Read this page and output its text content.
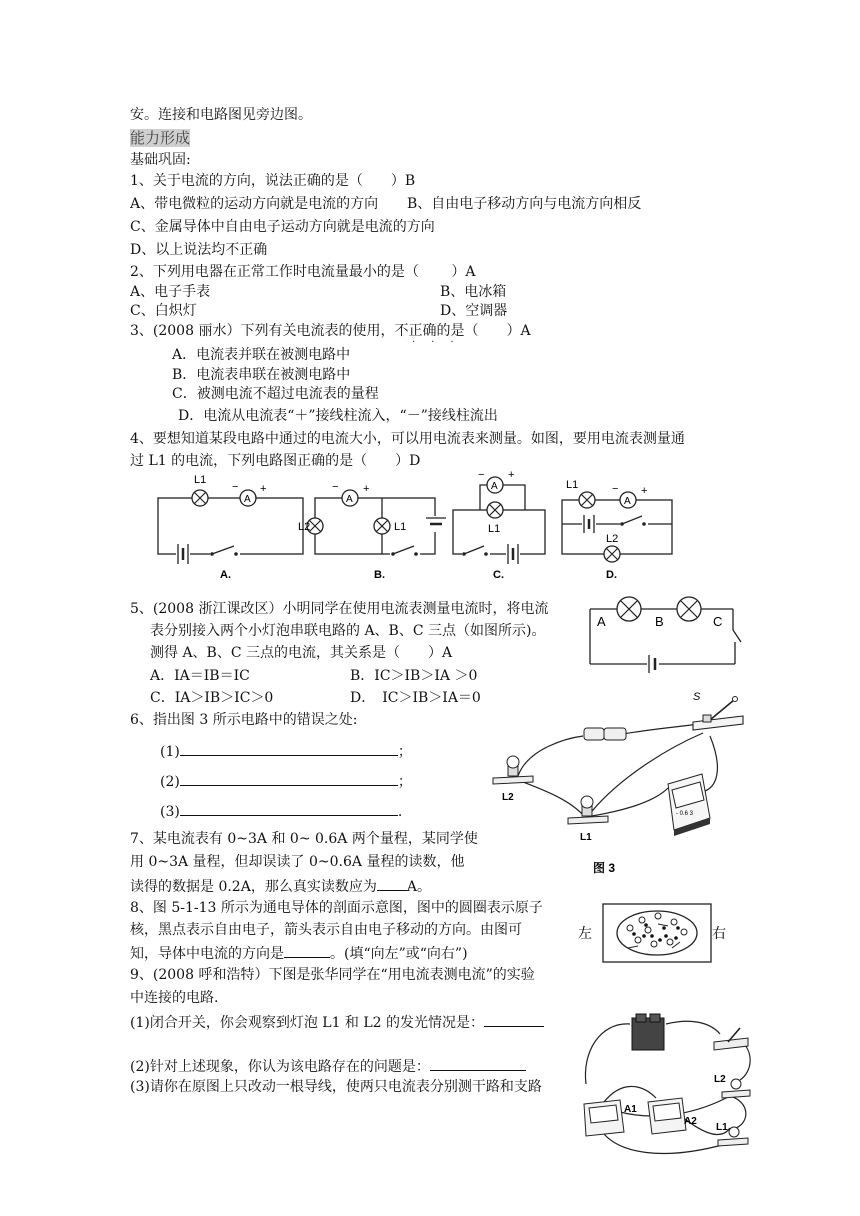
安。连接和电路图见旁边图。
能力形成
基础巩固:
1、关于电流的方向，说法正确的是（　　）B
A、带电微粒的运动方向就是电流的方向 B、自由电子移动方向与电流方向相反
C、金属导体中自由电子运动方向就是电流的方向
D、以上说法均不正确
2、下列用电器在正常工作时电流量最小的是（　　 ）A
A、电子手表	B、电冰箱
C、白炽灯	D、空调器
3、(2008 丽水）下列有关电流表的使用，不正确的是（　　）A
·　·　·
A．电流表并联在被测电路中
B．电流表串联在被测电路中
C．被测电流不超过电流表的量程
D．电流从电流表“＋”接线柱流入，“－”接线柱流出
4、要想知道某段电路中通过的电流大小，可以用电流表来测量。如图，要用电流表测量通
过 L1 的电流，下列电路图正确的是（　　）D
L1
A
− +
A.
A
− +
L2	L1
B.
A
− +
L1
C.
L1
A
− +
L2
D.
5、(2008 浙江课改区）小明同学在使用电流表测量电流时，将电流
表分别接入两个小灯泡串联电路的 A、B、C 三点（如图所示)。
测得 A、B、C 三点的电流，其关系是（　　）A
A．IA＝IB＝IC	B．IC＞IB＞IA ＞0
C．IA＞IB＞IC＞0	D．　IC＞IB＞IA＝0
A	B	C
6、指出图 3 所示电路中的错误之处:
(1)	；
(2)	；
(3)	.
S
L2
L1
- 0.6 3
图 3
7、某电流表有 0~3A 和 0~ 0.6A 两个量程，某同学使
用 0~3A 量程，但却误读了 0~0.6A 量程的读数，他
读得的数据是 0.2A，那么真实读数应为 A。
8、图 5-1-13 所示为通电导体的剖面示意图，图中的圆圈表示原子
核，黑点表示自由电子，箭头表示自由电子移动的方向。由图可
知，导体中电流的方向是	。(填“向左”或“向右”)
左	右
9、(2008 呼和浩特）下图是张华同学在“用电流表测电流”的实验
中连接的电路.
(1)闭合开关，你会观察到灯泡 L1 和 L2 的发光情况是：
(2)针对上述现象，你认为该电路存在的问题是：
(3)请你在原图上只改动一根导线，使两只电流表分别测干路和支路	L2
L1
A1
A2
